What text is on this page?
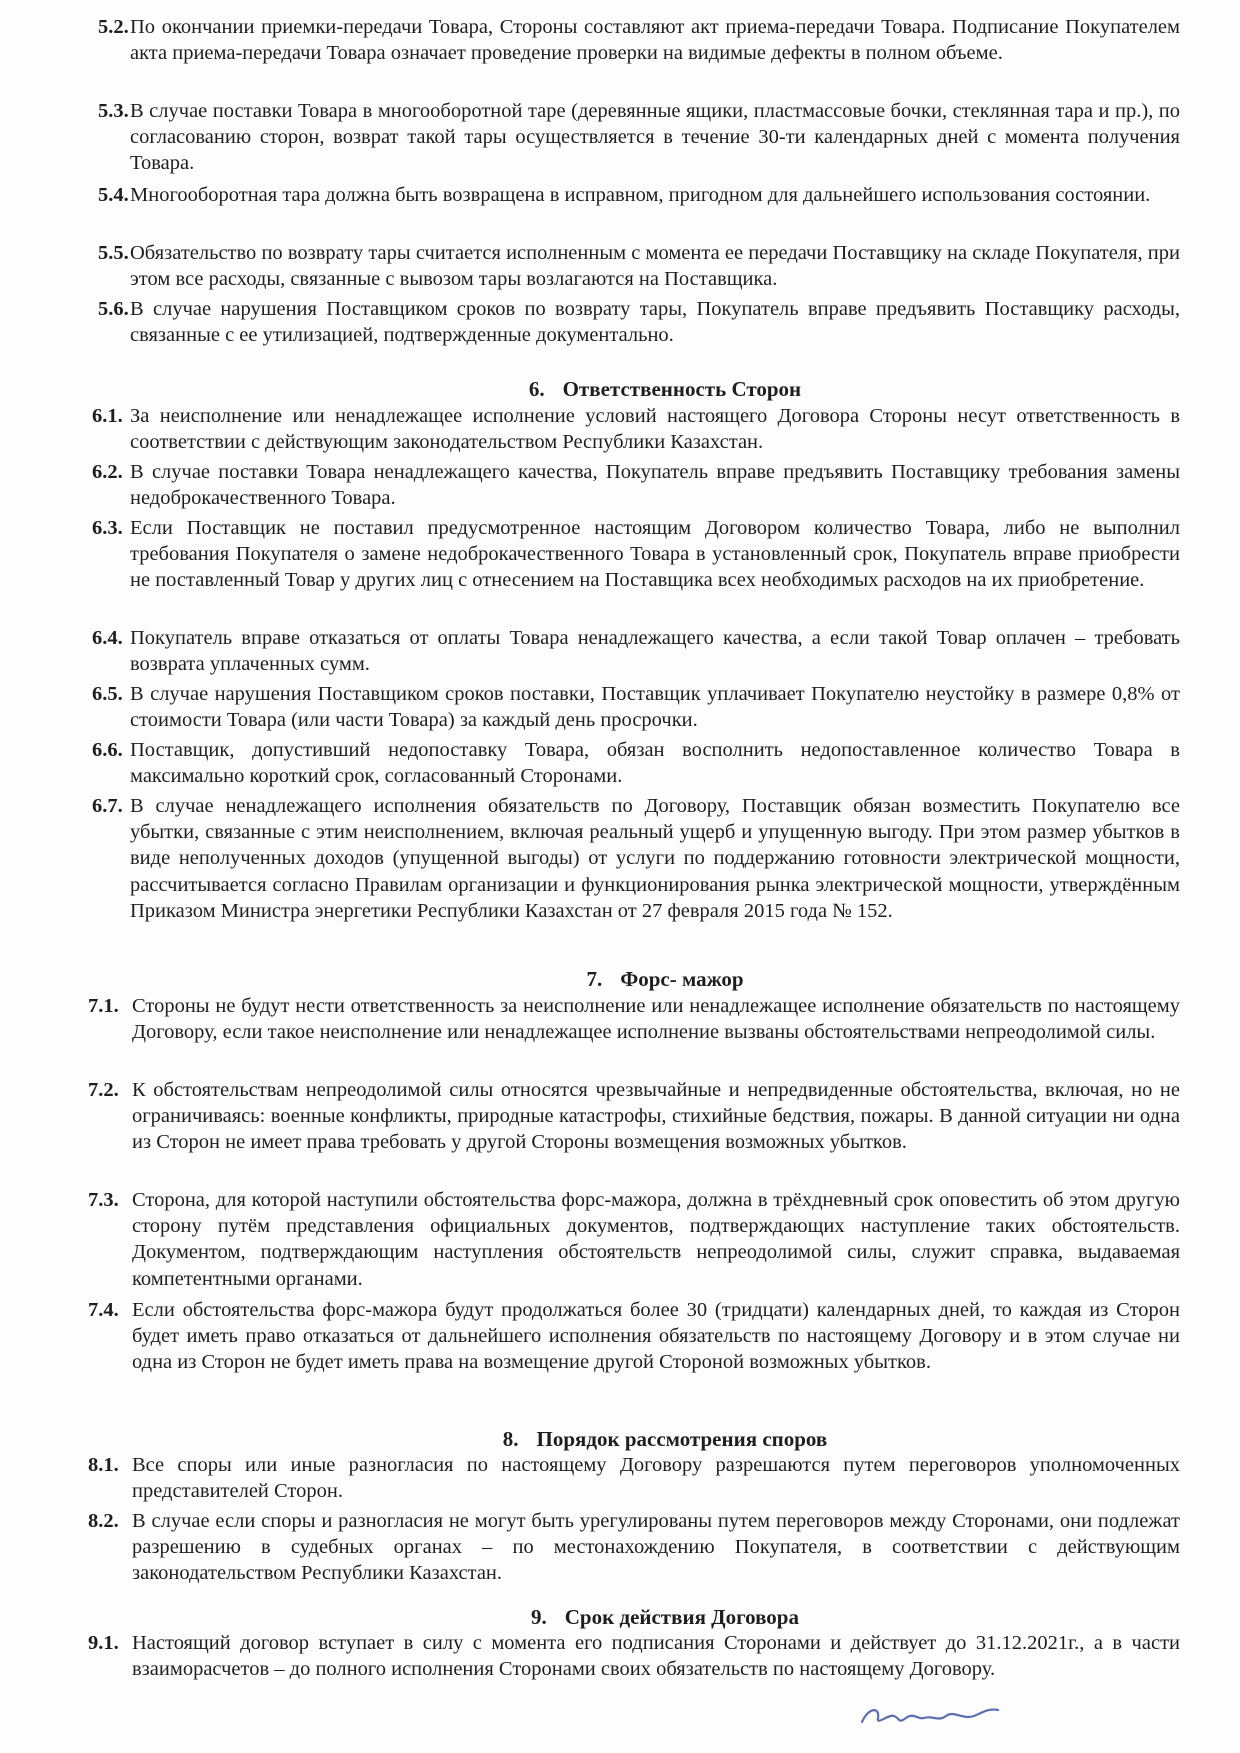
5.2. По окончании приемки-передачи Товара, Стороны составляют акт приема-передачи Товара. Подписание Покупателем акта приема-передачи Товара означает проведение проверки на видимые дефекты в полном объеме.
5.3. В случае поставки Товара в многооборотной таре (деревянные ящики, пластмассовые бочки, стеклянная тара и пр.), по согласованию сторон, возврат такой тары осуществляется в течение 30-ти календарных дней с момента получения Товара.
5.4. Многооборотная тара должна быть возвращена в исправном, пригодном для дальнейшего использования состоянии.
5.5. Обязательство по возврату тары считается исполненным с момента ее передачи Поставщику на складе Покупателя, при этом все расходы, связанные с вывозом тары возлагаются на Поставщика.
5.6. В случае нарушения Поставщиком сроков по возврату тары, Покупатель вправе предъявить Поставщику расходы, связанные с ее утилизацией, подтвержденные документально.
6. Ответственность Сторон
6.1. За неисполнение или ненадлежащее исполнение условий настоящего Договора Стороны несут ответственность в соответствии с действующим законодательством Республики Казахстан.
6.2. В случае поставки Товара ненадлежащего качества, Покупатель вправе предъявить Поставщику требования замены недоброкачественного Товара.
6.3. Если Поставщик не поставил предусмотренное настоящим Договором количество Товара, либо не выполнил требования Покупателя о замене недоброкачественного Товара в установленный срок, Покупатель вправе приобрести не поставленный Товар у других лиц с отнесением на Поставщика всех необходимых расходов на их приобретение.
6.4. Покупатель вправе отказаться от оплаты Товара ненадлежащего качества, а если такой Товар оплачен – требовать возврата уплаченных сумм.
6.5. В случае нарушения Поставщиком сроков поставки, Поставщик уплачивает Покупателю неустойку в размере 0,8% от стоимости Товара (или части Товара) за каждый день просрочки.
6.6. Поставщик, допустивший недопоставку Товара, обязан восполнить недопоставленное количество Товара в максимально короткий срок, согласованный Сторонами.
6.7. В случае ненадлежащего исполнения обязательств по Договору, Поставщик обязан возместить Покупателю все убытки, связанные с этим неисполнением, включая реальный ущерб и упущенную выгоду. При этом размер убытков в виде неполученных доходов (упущенной выгоды) от услуги по поддержанию готовности электрической мощности, рассчитывается согласно Правилам организации и функционирования рынка электрической мощности, утверждённым Приказом Министра энергетики Республики Казахстан от 27 февраля 2015 года № 152.
7. Форс- мажор
7.1. Стороны не будут нести ответственность за неисполнение или ненадлежащее исполнение обязательств по настоящему Договору, если такое неисполнение или ненадлежащее исполнение вызваны обстоятельствами непреодолимой силы.
7.2. К обстоятельствам непреодолимой силы относятся чрезвычайные и непредвиденные обстоятельства, включая, но не ограничиваясь: военные конфликты, природные катастрофы, стихийные бедствия, пожары. В данной ситуации ни одна из Сторон не имеет права требовать у другой Стороны возмещения возможных убытков.
7.3. Сторона, для которой наступили обстоятельства форс-мажора, должна в трёхдневный срок оповестить об этом другую сторону путём представления официальных документов, подтверждающих наступление таких обстоятельств. Документом, подтверждающим наступления обстоятельств непреодолимой силы, служит справка, выдаваемая компетентными органами.
7.4. Если обстоятельства форс-мажора будут продолжаться более 30 (тридцати) календарных дней, то каждая из Сторон будет иметь право отказаться от дальнейшего исполнения обязательств по настоящему Договору и в этом случае ни одна из Сторон не будет иметь права на возмещение другой Стороной возможных убытков.
8. Порядок рассмотрения споров
8.1. Все споры или иные разногласия по настоящему Договору разрешаются путем переговоров уполномоченных представителей Сторон.
8.2. В случае если споры и разногласия не могут быть урегулированы путем переговоров между Сторонами, они подлежат разрешению в судебных органах – по местонахождению Покупателя, в соответствии с действующим законодательством Республики Казахстан.
9. Срок действия Договора
9.1. Настоящий договор вступает в силу с момента его подписания Сторонами и действует до 31.12.2021г., а в части взаиморасчетов – до полного исполнения Сторонами своих обязательств по настоящему Договору.
